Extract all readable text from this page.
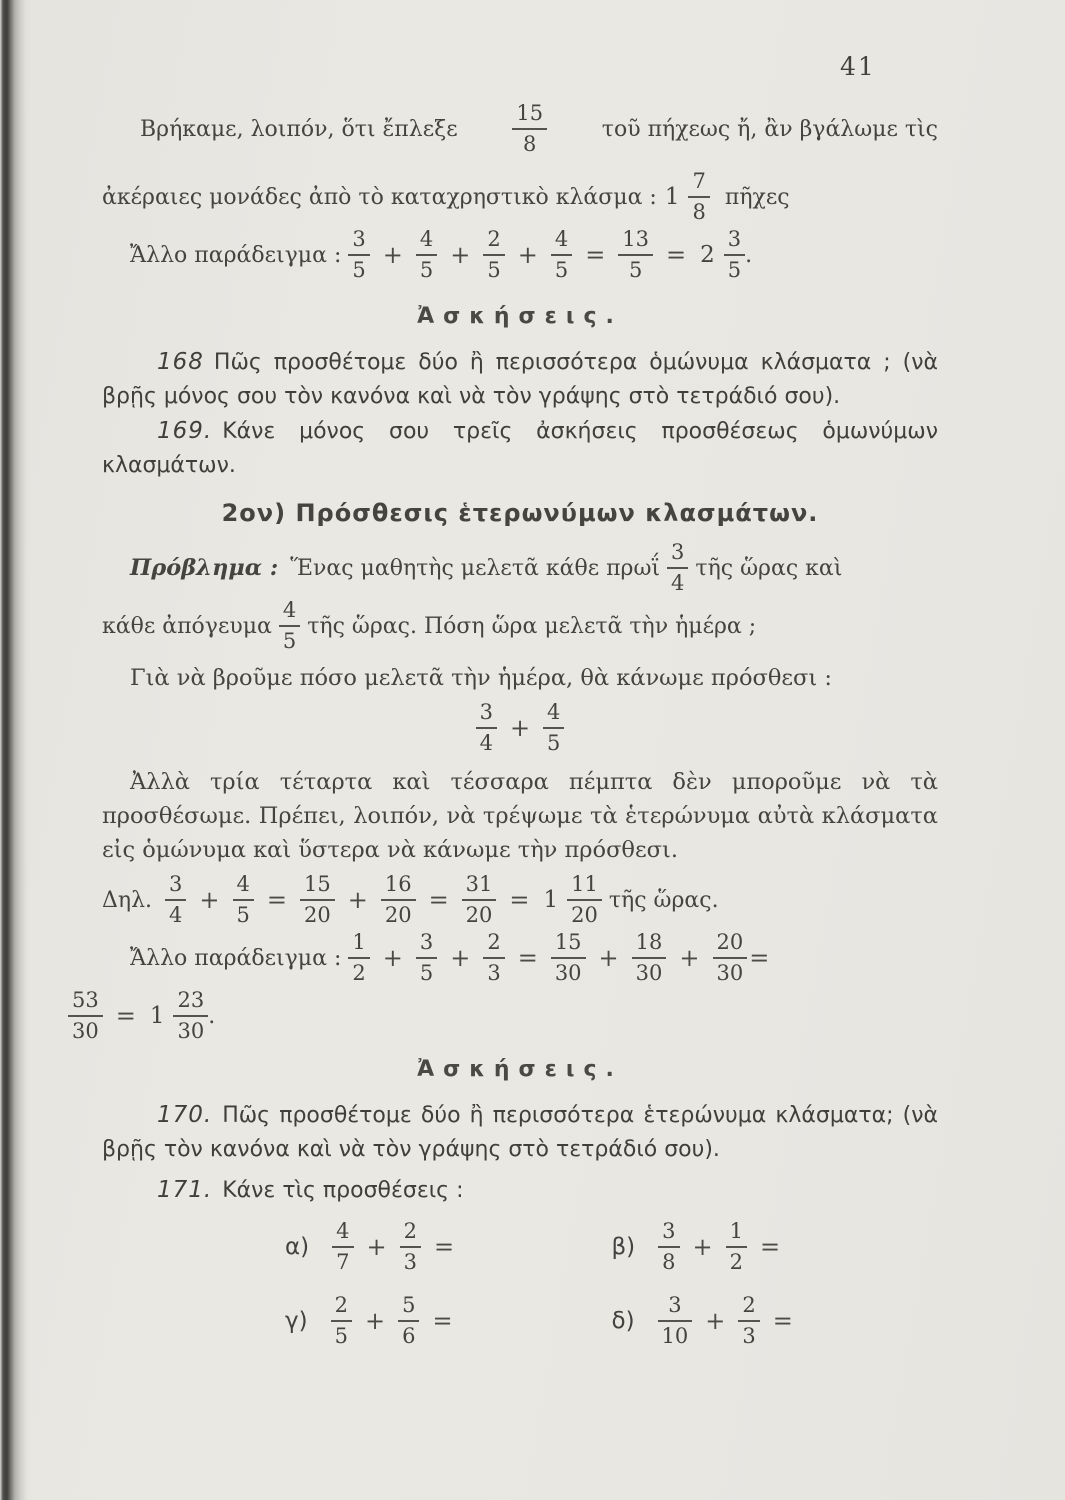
41
Βρήκαμε, λοιπόν, ὅτι ἔπλεξε	$\frac{15}{8}$ τοῦ πήχεως ἤ, ἂν βγάλωμε τὶς
ἀκέραιες μονάδες ἀπὸ τὸ καταχρηστικὸ κλάσμα : $1 \frac{7}{8}$ πῆχες
Ἄλλο παράδειγμα : $\frac{3}{5} + \frac{4}{5} + \frac{2}{5} + \frac{4}{5} = \frac{13}{5} = 2 \frac{3}{5}$ .
Ἀσκήσεις.

168 Πῶς προσθέτομε δύο ἢ περισσότερα ὁμώνυμα κλάσματα ; (νὰ βρῇς μόνος σου τὸν κανόνα καὶ νὰ τὸν γράψης στὸ τετράδιό σου).

169. Κάνε μόνος σου τρεῖς ἀσκήσεις προσθέσεως ὁμωνύμων κλασμάτων.

2ον) Πρόσθεσις ἑτερωνύμων κλασμάτων.
Πρόβλημα : Ἕνας μαθητὴς μελετᾶ κάθε πρωΐ $\frac{3}{4}$ τῆς ὥρας καὶ
κάθε ἀπόγευμα $\frac{4}{5}$ τῆς ὥρας. Πόση ὥρα μελετᾶ τὴν ἡμέρα ;

Γιὰ νὰ βροῦμε πόσο μελετᾶ τὴν ἡμέρα, θὰ κάνωμε πρόσθεσι :

$\frac{3}{4} + \frac{4}{5}$

Ἀλλὰ τρία τέταρτα καὶ τέσσαρα πέμπτα δὲν μποροῦμε νὰ τὰ προσθέσωμε. Πρέπει, λοιπόν, νὰ τρέψωμε τὰ ἑτερώνυμα αὐτὰ κλάσματα εἰς ὁμώνυμα καὶ ὕστερα νὰ κάνωμε τὴν πρόσθεσι.

Δηλ. $\frac{3}{4} + \frac{4}{5} = \frac{15}{20} + \frac{16}{20} = \frac{31}{20} = 1 \frac{11}{20}$ τῆς ὥρας.
Ἄλλο παράδειγμα : $\frac{1}{2} + \frac{3}{5} + \frac{2}{3} = \frac{15}{30} + \frac{18}{30} + \frac{20}{30}$ =
$\frac{53}{30} = 1 \frac{23}{30}$ .
Ἀσκήσεις.

170. Πῶς προσθέτομε δύο ἢ περισσότερα ἑτερώνυμα κλάσματα; (νὰ βρῇς τὸν κανόνα καὶ νὰ τὸν γράψης στὸ τετράδιό σου).

171. Κάνε τὶς προσθέσεις :

$\alpha) \frac{4}{7} + \frac{2}{3}$ =	$\beta) \frac{3}{8} + \frac{1}{2}$ =
$\gamma) \frac{2}{5} + \frac{5}{6}$ =	$\delta) \frac{3}{10} + \frac{2}{3}$ =
